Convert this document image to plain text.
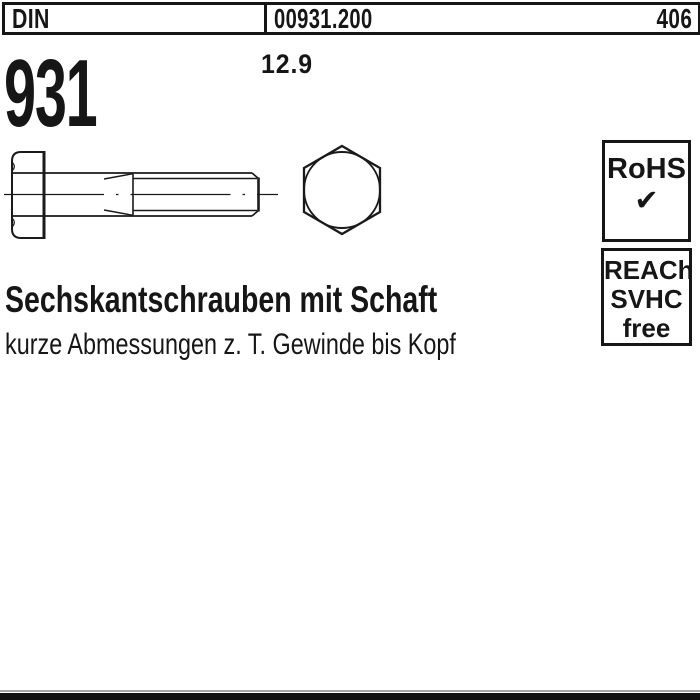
DIN	00931.200	406
931	12.9
RoHS
✔
REACh
SVHC
free
Sechskantschrauben mit Schaft

kurze Abmessungen z. T. Gewinde bis Kopf
